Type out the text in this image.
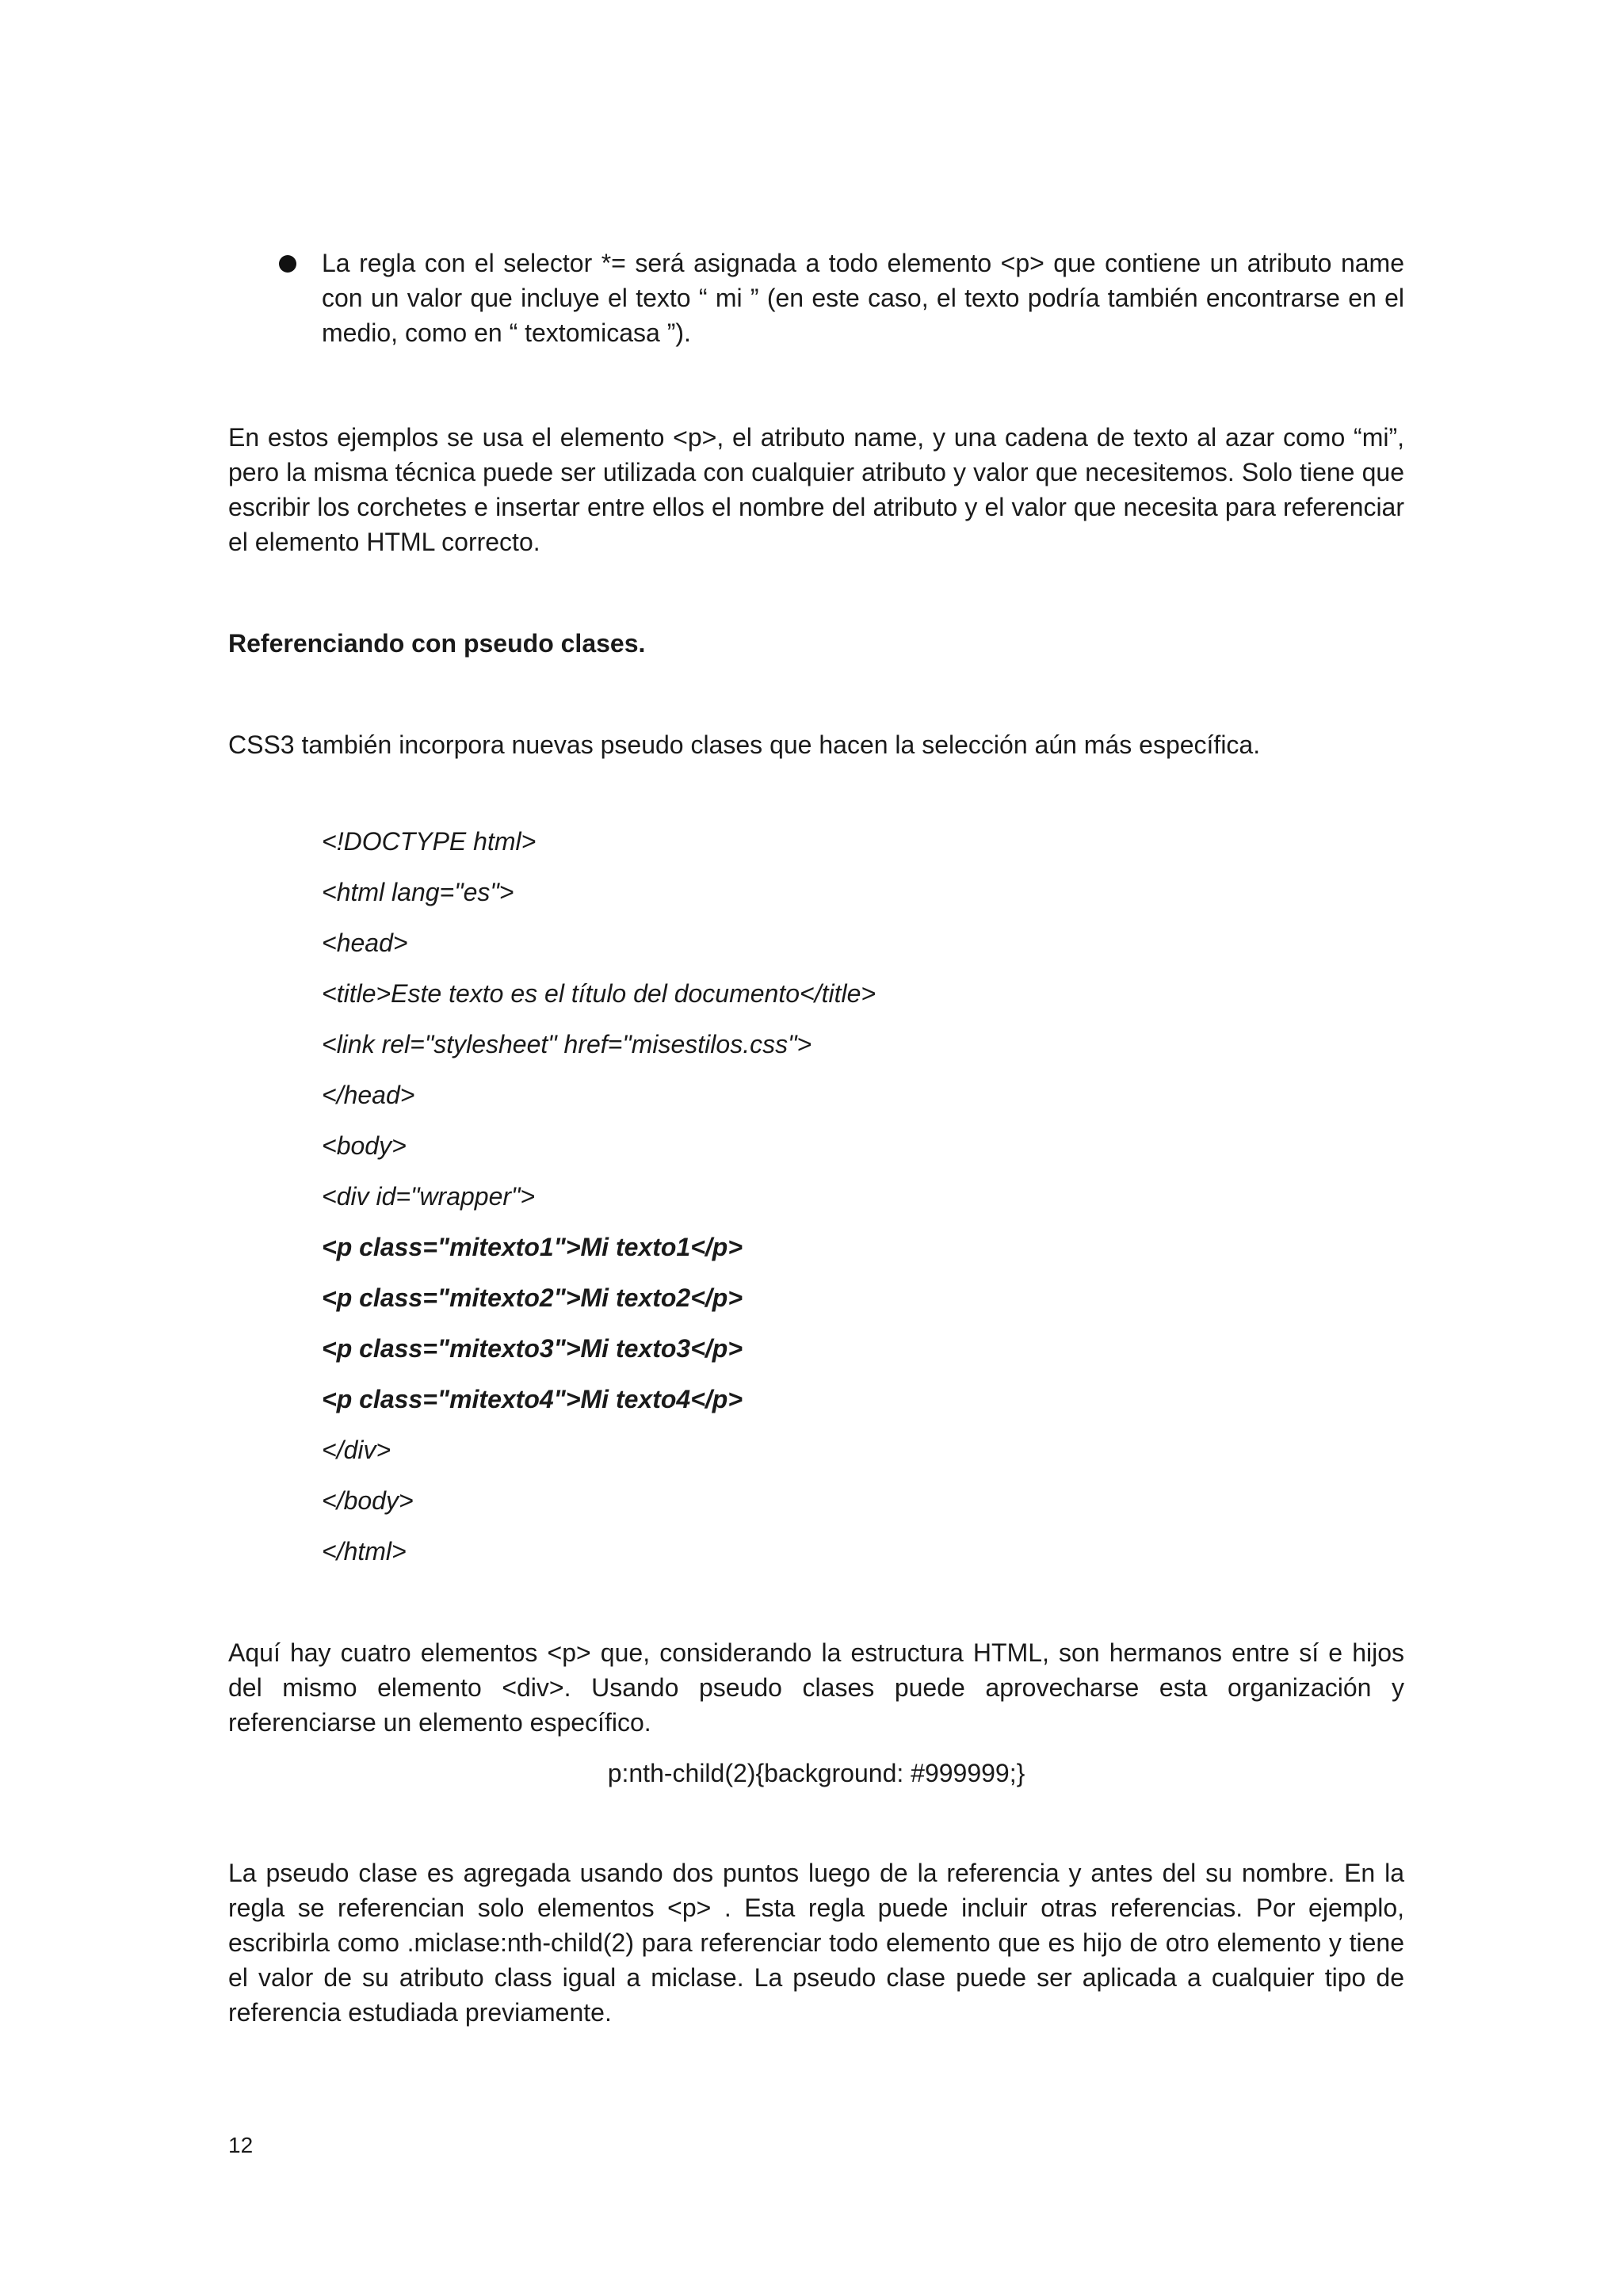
La regla con el selector *= será asignada a todo elemento <p> que contiene un atributo name con un valor que incluye el texto “ mi ” (en este caso, el texto podría también encontrarse en el medio, como en “ textomicasa ”).
En estos ejemplos se usa el elemento <p>, el atributo name, y una cadena de texto al azar como “mi”, pero la misma técnica puede ser utilizada con cualquier atributo y valor que necesitemos. Solo tiene que escribir los corchetes e insertar entre ellos el nombre del atributo y el valor que necesita para referenciar el elemento HTML correcto.
Referenciando con pseudo clases.
CSS3 también incorpora nuevas pseudo clases que hacen la selección aún más específica.
<!DOCTYPE html>
<html lang="es">
<head>
<title>Este texto es el título del documento</title>
<link rel="stylesheet" href="misestilos.css">
</head>
<body>
<div id="wrapper">
<p class="mitexto1">Mi texto1</p>
<p class="mitexto2">Mi texto2</p>
<p class="mitexto3">Mi texto3</p>
<p class="mitexto4">Mi texto4</p>
</div>
</body>
</html>
Aquí hay cuatro elementos <p> que, considerando la estructura HTML, son hermanos entre sí e hijos del mismo elemento <div>. Usando pseudo clases puede aprovecharse esta organización y referenciarse un elemento específico.
p:nth-child(2){background: #999999;}
La pseudo clase es agregada usando dos puntos luego de la referencia y antes del su nombre. En la regla se referencian solo elementos <p> . Esta regla puede incluir otras referencias. Por ejemplo, escribirla como .miclase:nth-child(2) para referenciar todo elemento que es hijo de otro elemento y tiene el valor de su atributo class igual a miclase. La pseudo clase puede ser aplicada a cualquier tipo de referencia estudiada previamente.
12
